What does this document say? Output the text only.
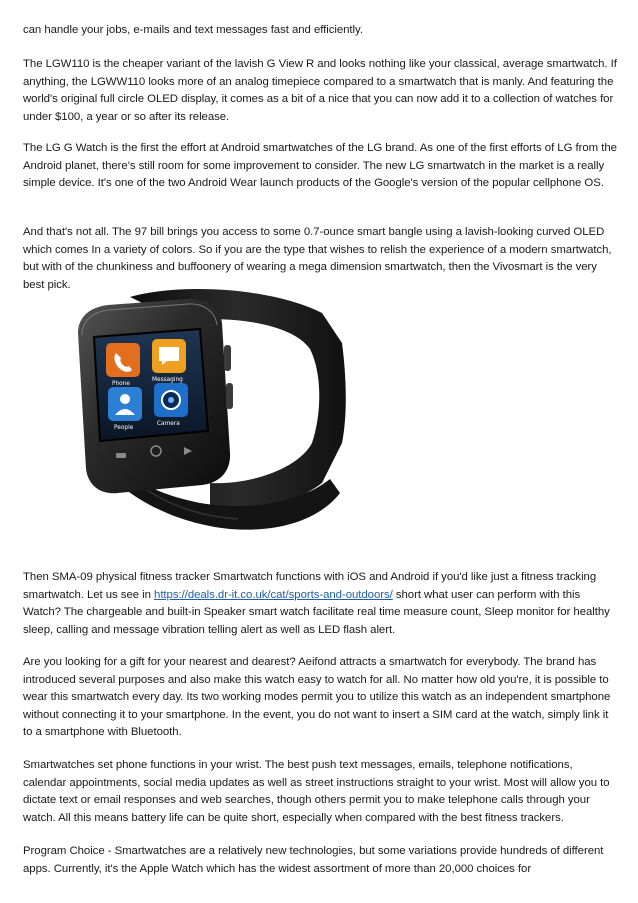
can handle your jobs, e-mails and text messages fast and efficiently.

The LGW110 is the cheaper variant of the lavish G View R and looks nothing like your classical, average smartwatch. If anything, the LGWW110 looks more of an analog timepiece compared to a smartwatch that is manly. And featuring the world's original full circle OLED display, it comes as a bit of a nice that you can now add it to a collection of watches for under $100, a year or so after its release.

The LG G Watch is the first the effort at Android smartwatches of the LG brand. As one of the first efforts of LG from the Android planet, there's still room for some improvement to consider. The new LG smartwatch in the market is a really simple device. It's one of the two Android Wear launch products of the Google's version of the popular cellphone OS.

And that's not all. The 97 bill brings you access to some 0.7-ounce smart bangle using a lavish-looking curved OLED which comes In a variety of colors. So if you are the type that wishes to relish the experience of a modern smartwatch, but with of the chunkiness and buffoonery of wearing a mega dimension smartwatch, then the Vivosmart is the very best pick.

Phone
Messaging
People
Camera

Then SMA-09 physical fitness tracker Smartwatch functions with iOS and Android if you'd like just a fitness tracking smartwatch. Let us see in https://deals.dr-it.co.uk/cat/sports-and-outdoors/ short what user can perform with this Watch? The chargeable and built-in Speaker smart watch facilitate real time measure count, Sleep monitor for healthy sleep, calling and message vibration telling alert as well as LED flash alert.

Are you looking for a gift for your nearest and dearest? Aeifond attracts a smartwatch for everybody. The brand has introduced several purposes and also make this watch easy to watch for all. No matter how old you're, it is possible to wear this smartwatch every day. Its two working modes permit you to utilize this watch as an independent smartphone without connecting it to your smartphone. In the event, you do not want to insert a SIM card at the watch, simply link it to a smartphone with Bluetooth.

Smartwatches set phone functions in your wrist. The best push text messages, emails, telephone notifications, calendar appointments, social media updates as well as street instructions straight to your wrist. Most will allow you to dictate text or email responses and web searches, though others permit you to make telephone calls through your watch. All this means battery life can be quite short, especially when compared with the best fitness trackers.

Program Choice - Smartwatches are a relatively new technologies, but some variations provide hundreds of different apps. Currently, it's the Apple Watch which has the widest assortment of more than 20,000 choices for
